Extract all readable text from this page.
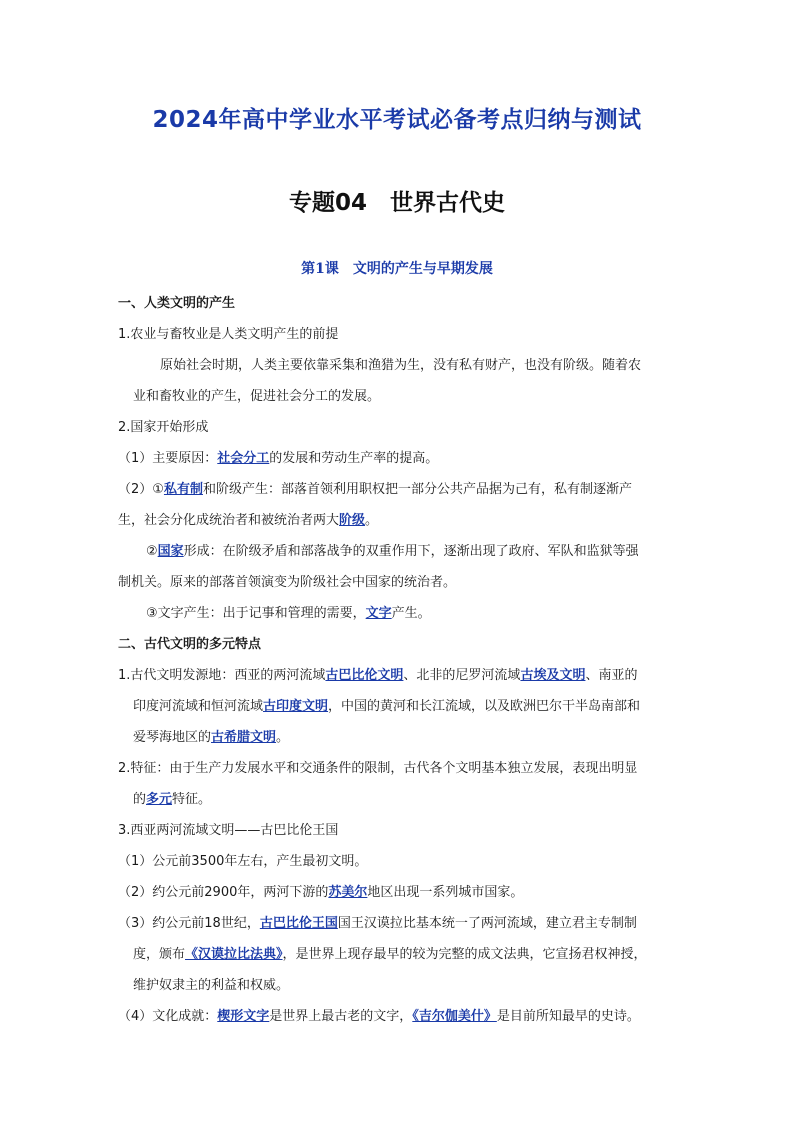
2024年高中学业水平考试必备考点归纳与测试
专题04　世界古代史
第1课　文明的产生与早期发展
一、人类文明的产生
1.农业与畜牧业是人类文明产生的前提
原始社会时期，人类主要依靠采集和渔猎为生，没有私有财产，也没有阶级。随着农
业和畜牧业的产生，促进社会分工的发展。
2.国家开始形成
（1）主要原因：社会分工的发展和劳动生产率的提高。
（2）①私有制和阶级产生：部落首领利用职权把一部分公共产品据为己有，私有制逐渐产
生，社会分化成统治者和被统治者两大阶级。
②国家形成：在阶级矛盾和部落战争的双重作用下，逐渐出现了政府、军队和监狱等强
制机关。原来的部落首领演变为阶级社会中国家的统治者。
③文字产生：出于记事和管理的需要，文字产生。
二、古代文明的多元特点
1.古代文明发源地：西亚的两河流域古巴比伦文明、北非的尼罗河流域古埃及文明、南亚的
印度河流域和恒河流域古印度文明，中国的黄河和长江流域，以及欧洲巴尔干半岛南部和
爱琴海地区的古希腊文明。
2.特征：由于生产力发展水平和交通条件的限制，古代各个文明基本独立发展，表现出明显
的多元特征。
3.西亚两河流域文明——古巴比伦王国
（1）公元前3500年左右，产生最初文明。
（2）约公元前2900年，两河下游的苏美尔地区出现一系列城市国家。
（3）约公元前18世纪，古巴比伦王国国王汉谟拉比基本统一了两河流域，建立君主专制制
度，颁布《汉谟拉比法典》，是世界上现存最早的较为完整的成文法典，它宣扬君权神授，
维护奴隶主的利益和权威。
（4）文化成就：楔形文字是世界上最古老的文字，《吉尔伽美什》是目前所知最早的史诗。
